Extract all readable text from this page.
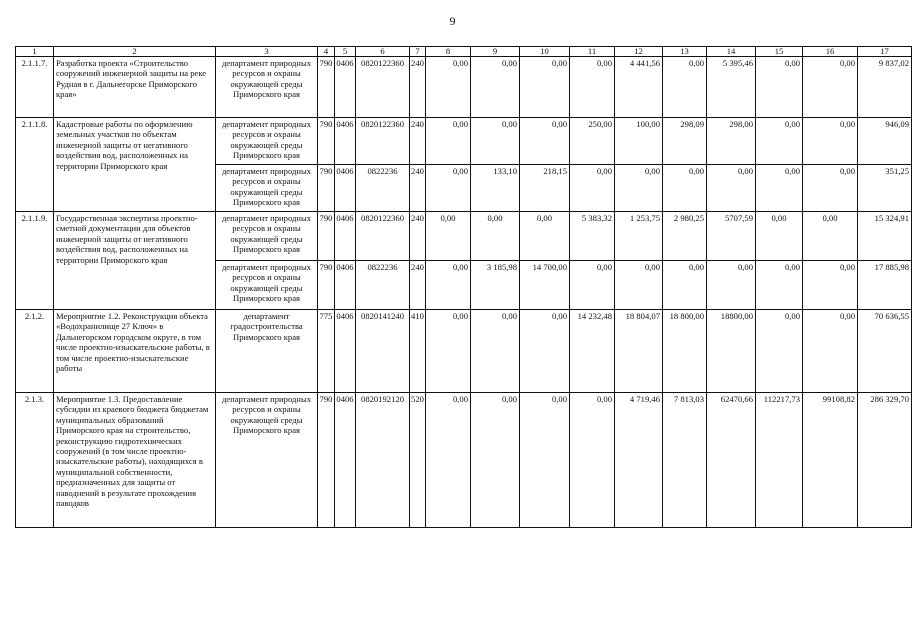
9
1	2	3	4	5	6	7	8	9	10	11	12	13	14	15	16	17
2.1.1.7.	Разработка проекта «Строительство сооружений инженерной защиты на реке Рудная в г. Дальнегорске Приморского края»	департамент природных ресурсов и охраны окружающей среды Приморского края	790	0406	0820122360	240	0,00	0,00	0,00	0,00	4 441,56	0,00	5 395,46	0,00	0,00	9 837,02
2.1.1.8.	Кадастровые работы по оформлению земельных участков по объектам инженерной защиты от негативного воздействия вод, расположенных на территории Приморского края	департамент природных ресурсов и охраны окружающей среды Приморского края	790	0406	0820122360	240	0,00	0,00	0,00	250,00	100,00	298,09	298,00	0,00	0,00	946,09
		департамент природных ресурсов и охраны окружающей среды Приморского края	790	0406	0822236	240	0,00	133,10	218,15	0,00	0,00	0,00	0,00	0,00	0,00	351,25
2.1.1.9.	Государственная экспертиза проектно-сметной документации для объектов инженерной защиты от негативного воздействия вод, расположенных на территории Приморского края	департамент природных ресурсов и охраны окружающей среды Приморского края	790	0406	0820122360	240	0,00	0,00	0,00	5 383,32	1 253,75	2 980,25	5707,59	0,00	0,00	15 324,91
		департамент природных ресурсов и охраны окружающей среды Приморского края	790	0406	0822236	240	0,00	3 185,98	14 700,00	0,00	0,00	0,00	0,00	0,00	0,00	17 885,98
2.1.2.	Мероприятие 1.2. Реконструкция объекта «Водохранилище 27 Ключ» в Дальнегорском городском округе, в том числе проектно-изыскательские работы, в том числе проектно-изыскательские работы	департамент градостроительства Приморского края	775	0406	0820141240	410	0,00	0,00	0,00	14 232,48	18 804,07	18 800,00	18800,00	0,00	0,00	70 636,55
2.1.3.	Мероприятие 1.3. Предоставление субсидии из краевого бюджета бюджетам муниципальных образований Приморского края на строительство, реконструкцию гидротехнических сооружений (в том числе проектно-изыскательские работы), находящихся в муниципальной собственности, предназначенных для защиты от наводнений в результате прохождения паводков	департамент природных ресурсов и охраны окружающей среды Приморского края	790	0406	0820192120	520	0,00	0,00	0,00	0,00	4 719,46	7 813,03	62470,66	112217,73	99108,82	286 329,70
